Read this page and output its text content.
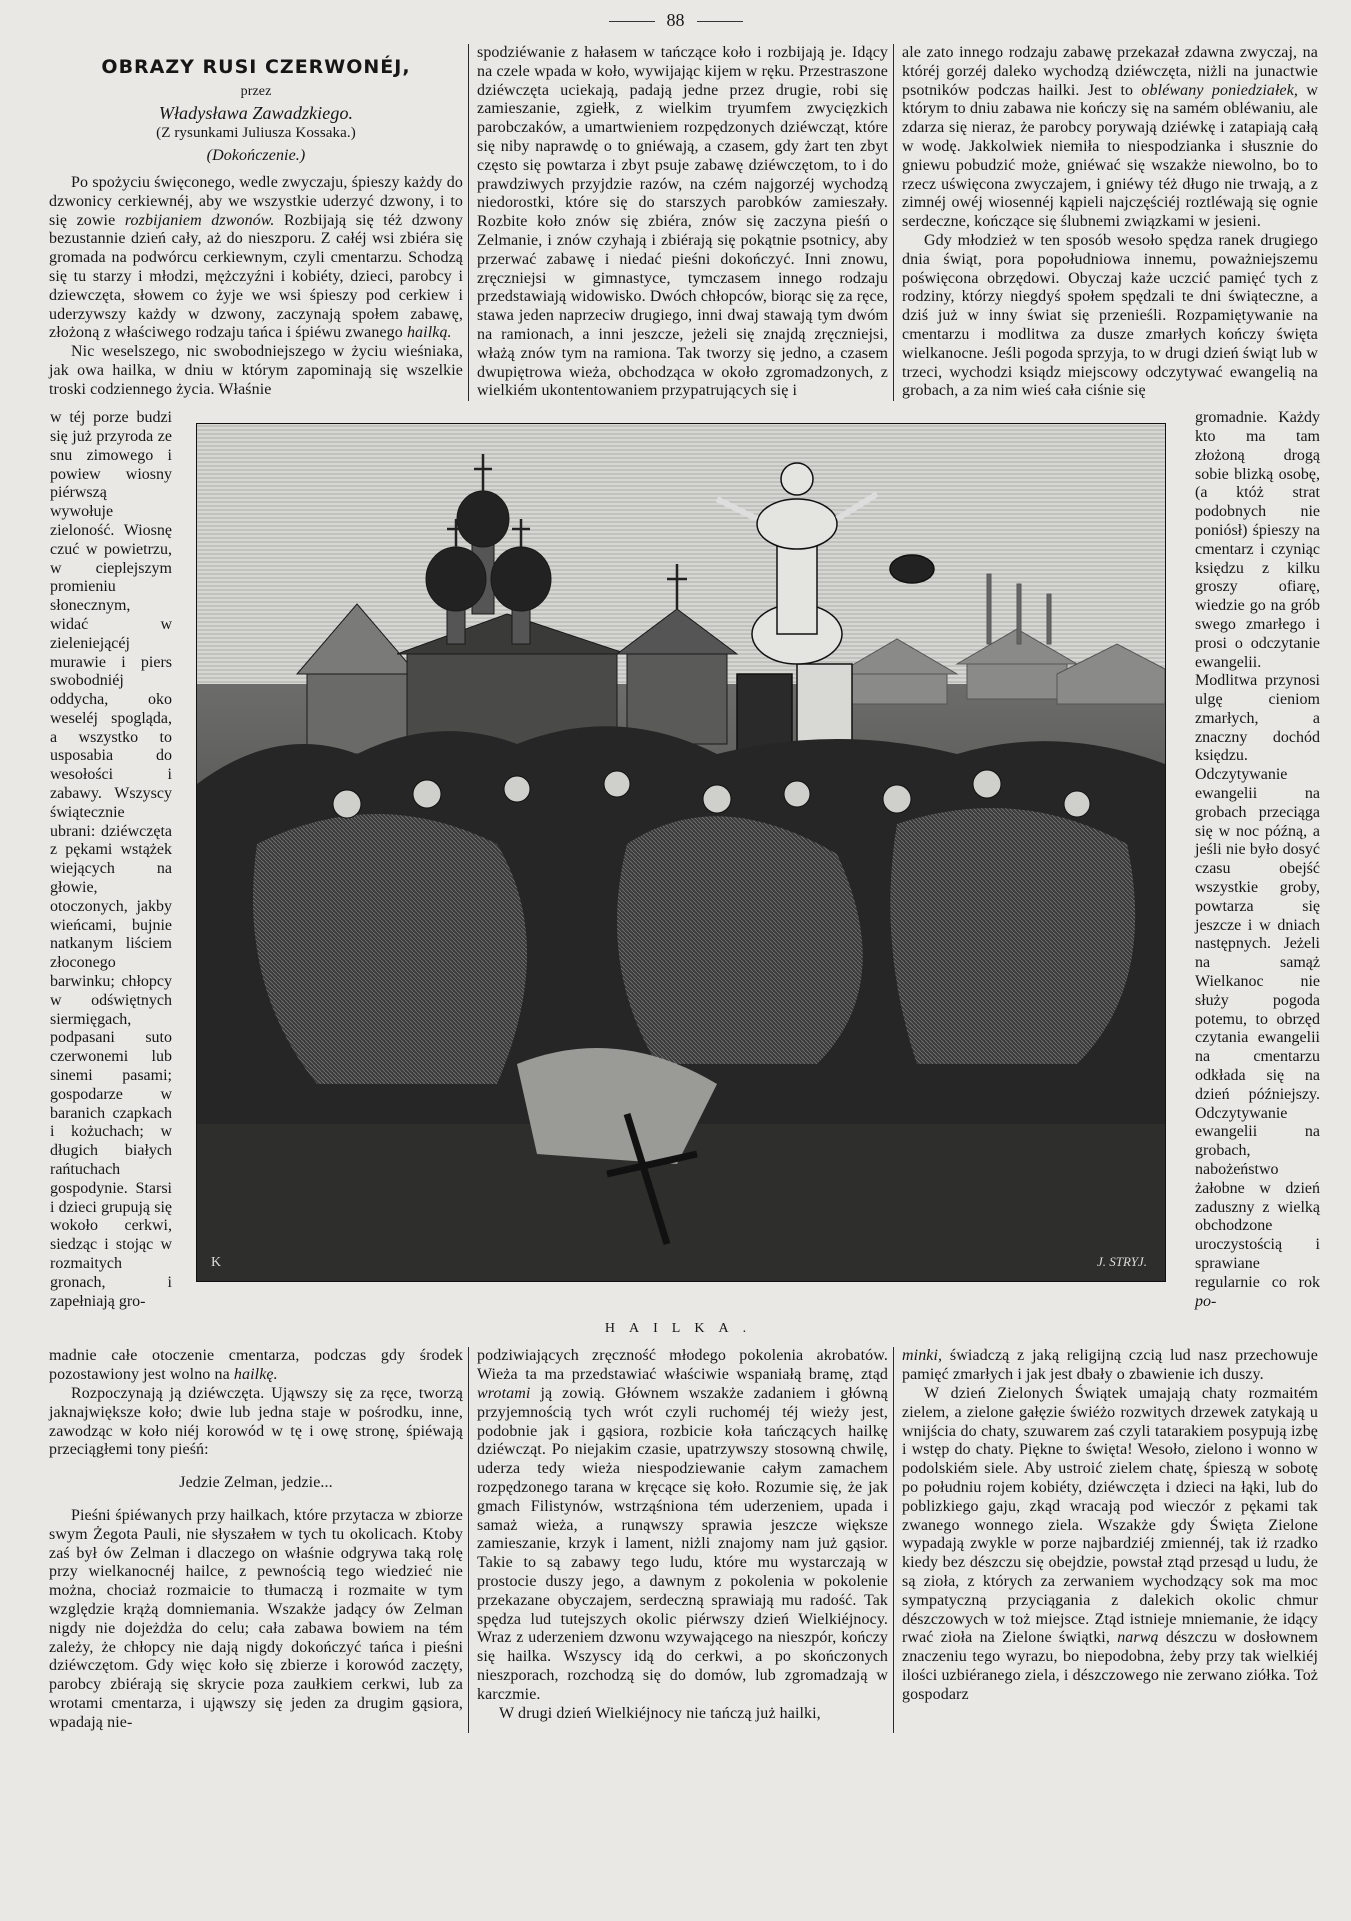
88
OBRAZY RUSI CZERWONÉJ,
przez
Władysława Zawadzkiego.
(Z rysunkami Juliusza Kossaka.)
(Dokończenie.)

Po spożyciu święconego, wedle zwyczaju, śpieszy każdy do dzwonicy cerkiewnéj, aby we wszystkie uderzyć dzwony, i to się zowie rozbijaniem dzwonów. Rozbijają się téż dzwony bezustannie dzień cały, aż do nieszporu. Z całéj wsi zbiéra się gromada na podwórcu cerkiewnym, czyli cmentarzu. Schodzą się tu starzy i młodzi, mężczyźni i kobiéty, dzieci, parobcy i dziewczęta, słowem co żyje we wsi śpieszy pod cerkiew i uderzywszy każdy w dzwony, zaczynają społem zabawę, złożoną z właściwego rodzaju tańca i śpiéwu zwanego hailką.

Nic weselszego, nic swobodniejszego w życiu wieśniaka, jak owa hailka, w dniu w którym zapominają się wszelkie troski codziennego życia. Właśnie

spodziéwanie z hałasem w tańczące koło i rozbijają je. Idący na czele wpada w koło, wywijając kijem w ręku. Przestraszone dziéwczęta uciekają, padają jedne przez drugie, robi się zamieszanie, zgiełk, z wielkim tryumfem zwycięzkich parobczaków, a umartwieniem rozpędzonych dziéwcząt, które się niby naprawdę o to gniéwają, a czasem, gdy żart ten zbyt często się powtarza i zbyt psuje zabawę dziéwczętom, to i do prawdziwych przyjdzie razów, na czém najgorzéj wychodzą niedorostki, które się do starszych parobków zamieszały. Rozbite koło znów się zbiéra, znów się zaczyna pieśń o Zelmanie, i znów czyhają i zbiérają się pokątnie psotnicy, aby przerwać zabawę i niedać pieśni dokończyć. Inni znowu, zręczniejsi w gimnastyce, tymczasem innego rodzaju przedstawiają widowisko. Dwóch chłopców, biorąc się za ręce, stawa jeden naprzeciw drugiego, inni dwaj stawają tym dwóm na ramionach, a inni jeszcze, jeżeli się znajdą zręczniejsi, włażą znów tym na ramiona. Tak tworzy się jedno, a czasem dwupiętrowa wieża, obchodząca w około zgromadzonych, z wielkiém ukontentowaniem przypatrujących się i

ale zato innego rodzaju zabawę przekazał zdawna zwyczaj, na któréj gorzéj daleko wychodzą dziéwczęta, niżli na junactwie psotników podczas hailki. Jest to obléwany poniedziałek, w którym to dniu zabawa nie kończy się na samém obléwaniu, ale zdarza się nieraz, że parobcy porywają dziéwkę i zatapiają całą w wodę. Jakkolwiek niemiła to niespodzianka i słusznie do gniewu pobudzić może, gniéwać się wszakże niewolno, bo to rzecz uświęcona zwyczajem, i gniéwy téż długo nie trwają, a z zimnéj owéj wiosennéj kąpieli najczęściéj roztléwają się ognie serdeczne, kończące się ślubnemi związkami w jesieni.

Gdy młodzież w ten sposób wesoło spędza ranek drugiego dnia świąt, pora popołudniowa innemu, poważniejszemu poświęcona obrzędowi. Obyczaj każe uczcić pamięć tych z rodziny, którzy niegdyś społem spędzali te dni świąteczne, a dziś już w inny świat się przenieśli. Rozpamiętywanie na cmentarzu i modlitwa za dusze zmarłych kończy święta wielkanocne. Jeśli pogoda sprzyja, to w drugi dzień świąt lub w trzeci, wychodzi ksiądz miejscowy odczytywać ewangelią na grobach, a za nim wieś cała ciśnie się

w téj porze budzi się już przyroda ze snu zimowego i powiew wiosny piérwszą wywołuje zieloność. Wiosnę czuć w powietrzu, w cieplejszym promieniu słonecznym, widać w zieleniejącéj murawie i piers swobodniéj oddycha, oko weseléj spogląda, a wszystko to usposabia do wesołości i zabawy. Wszyscy świątecznie ubrani: dziéwczęta z pękami wstążek wiejących na głowie, otoczonych, jakby wieńcami, bujnie natkanym liściem złoconego barwinku; chłopcy w odświętnych siermięgach, podpasani suto czerwonemi lub sinemi pasami; gospodarze w baranich czapkach i kożuchach; w długich białych rańtuchach gospodynie. Starsi i dzieci grupują się wokoło cerkwi, siedząc i stojąc w rozmaitych gronach, i zapełniają gro-

K	J. STRYJ.

gromadnie. Każdy kto ma tam złożoną drogą sobie blizką osobę, (a któż strat podobnych nie poniósł) śpieszy na cmentarz i czyniąc księdzu z kilku groszy ofiarę, wiedzie go na grób swego zmarłego i prosi o odczytanie ewangelii. Modlitwa przynosi ulgę cieniom zmarłych, a znaczny dochód księdzu. Odczytywanie ewangelii na grobach przeciąga się w noc późną, a jeśli nie było dosyć czasu obejść wszystkie groby, powtarza się jeszcze i w dniach następnych. Jeżeli na samąż Wielkanoc nie służy pogoda potemu, to obrzęd czytania ewangelii na cmentarzu odkłada się na dzień późniejszy. Odczytywanie ewangelii na grobach, nabożeństwo żałobne w dzień zaduszny z wielką obchodzone uroczystością i sprawiane regularnie co rok po-

HAILKA.

madnie całe otoczenie cmentarza, podczas gdy środek pozostawiony jest wolno na hailkę.

Rozpoczynają ją dziéwczęta. Ująwszy się za ręce, tworzą jaknajwiększe koło; dwie lub jedna staje w pośrodku, inne, zawodząc w koło niéj korowód w tę i owę stronę, śpiéwają przeciągłemi tony pieśń:

Jedzie Zelman, jedzie...

Pieśni śpiéwanych przy hailkach, które przytacza w zbiorze swym Żegota Pauli, nie słyszałem w tych tu okolicach. Ktoby zaś był ów Zelman i dlaczego on właśnie odgrywa taką rolę przy wielkanocnéj hailce, z pewnością tego wiedzieć nie można, chociaż rozmaicie to tłumaczą i rozmaite w tym względzie krążą domniemania. Wszakże jadący ów Zelman nigdy nie dojeżdża do celu; cała zabawa bowiem na tém zależy, że chłopcy nie dają nigdy dokończyć tańca i pieśni dziéwczętom. Gdy więc koło się zbierze i korowód zaczęty, parobcy zbiérają się skrycie poza zaułkiem cerkwi, lub za wrotami cmentarza, i ująwszy się jeden za drugim gąsiora, wpadają nie-

podziwiających zręczność młodego pokolenia akrobatów. Wieża ta ma przedstawiać właściwie wspaniałą bramę, ztąd wrotami ją zowią. Głównem wszakże zadaniem i główną przyjemnością tych wrót czyli ruchoméj téj wieży jest, podobnie jak i gąsiora, rozbicie koła tańczących hailkę dziéwcząt. Po niejakim czasie, upatrzywszy stosowną chwilę, uderza tedy wieża niespodziewanie całym zamachem rozpędzonego tarana w kręcące się koło. Rozumie się, że jak gmach Filistynów, wstrząśniona tém uderzeniem, upada i samaż wieża, a runąwszy sprawia jeszcze większe zamieszanie, krzyk i lament, niżli znajomy nam już gąsior. Takie to są zabawy tego ludu, które mu wystarczają w prostocie duszy jego, a dawnym z pokolenia w pokolenie przekazane obyczajem, serdeczną sprawiają mu radość. Tak spędza lud tutejszych okolic piérwszy dzień Wielkiéjnocy. Wraz z uderzeniem dzwonu wzywającego na nieszpór, kończy się hailka. Wszyscy idą do cerkwi, a po skończonych nieszporach, rozchodzą się do domów, lub zgromadzają w karczmie.

W drugi dzień Wielkiéjnocy nie tańczą już hailki,

minki, świadczą z jaką religijną czcią lud nasz przechowuje pamięć zmarłych i jak jest dbały o zbawienie ich duszy.

W dzień Zielonych Świątek umajają chaty rozmaitém zielem, a zielone gałęzie świéżo rozwitych drzewek zatykają u wnijścia do chaty, szuwarem zaś czyli tatarakiem posypują izbę i wstęp do chaty. Piękne to święta! Wesoło, zielono i wonno w podolskiém siele. Aby ustroić zielem chatę, śpieszą w sobotę po południu rojem kobiéty, dziéwczęta i dzieci na łąki, lub do poblizkiego gaju, zkąd wracają pod wieczór z pękami tak zwanego wonnego ziela. Wszakże gdy Święta Zielone wypadają zwykle w porze najbardziéj zmiennéj, tak iż rzadko kiedy bez dészczu się obejdzie, powstał ztąd przesąd u ludu, że są zioła, z których za zerwaniem wychodzący sok ma moc sympatyczną przyciągania z dalekich okolic chmur dészczowych w toż miejsce. Ztąd istnieje mniemanie, że idący rwać zioła na Zielone świątki, narwą dészczu w dosłownem znaczeniu tego wyrazu, bo niepodobna, żeby przy tak wielkiéj ilości uzbiéranego ziela, i dészczowego nie zerwano ziółka. Toż gospodarz
